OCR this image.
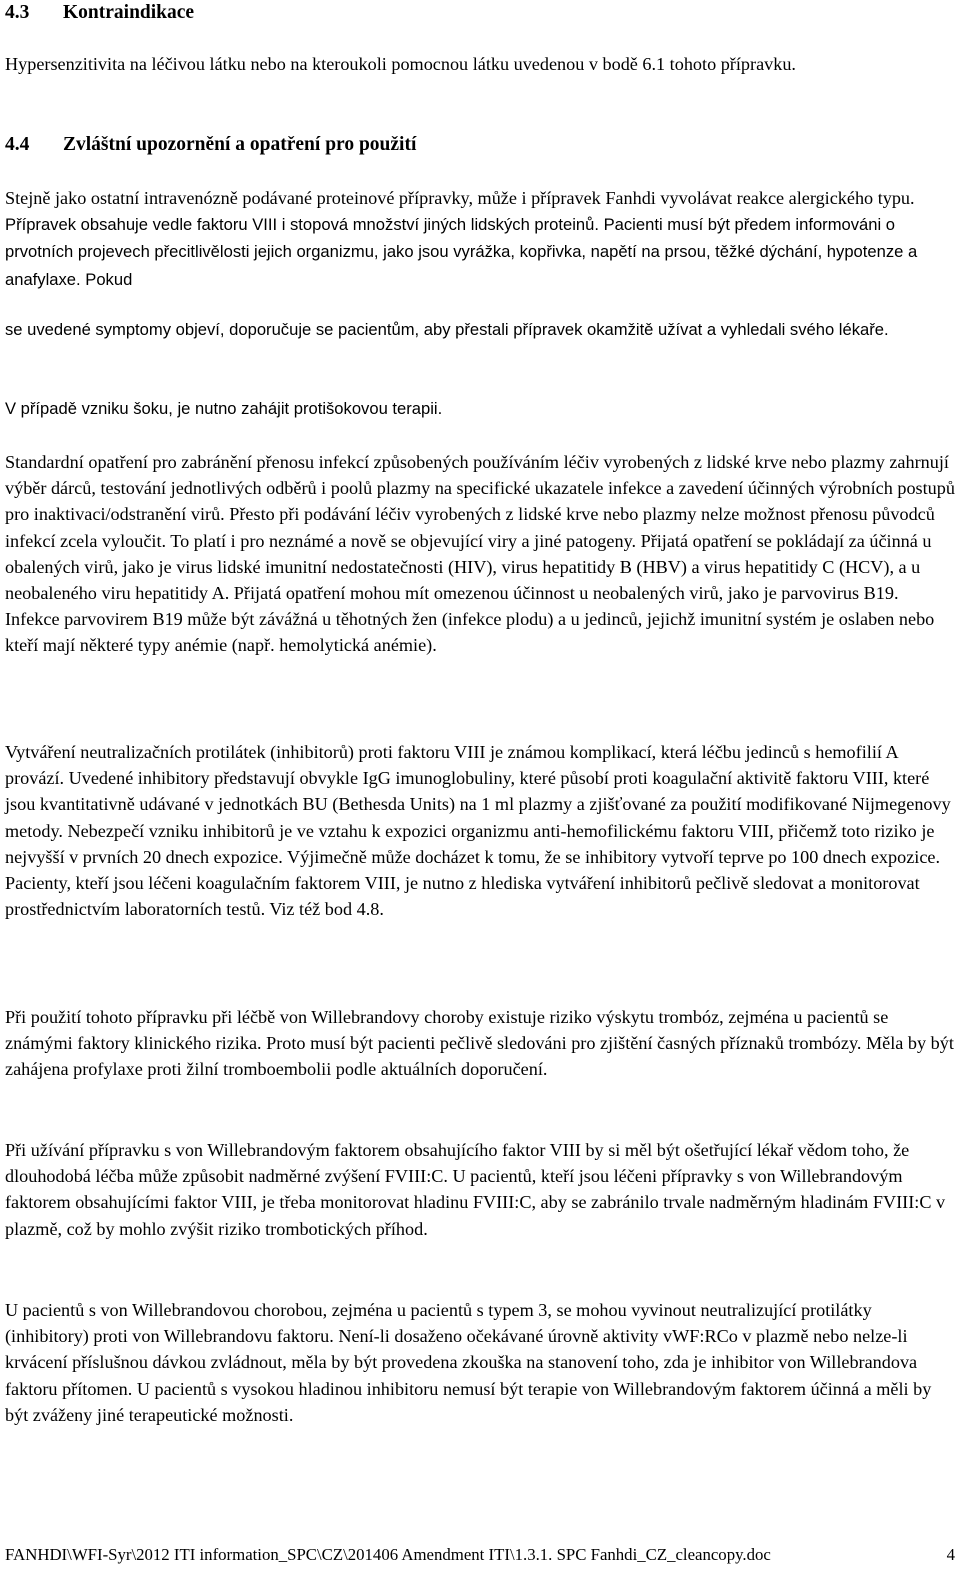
4.3 Kontraindikace

Hypersenzitivita na léčivou látku nebo na kteroukoli pomocnou látku uvedenou v bodě 6.1 tohoto přípravku.

4.4 Zvláštní upozornění a opatření pro použití

Stejně jako ostatní intravenózně podávané proteinové přípravky, může i přípravek Fanhdi vyvolávat reakce alergického typu. Přípravek obsahuje vedle faktoru VIII i stopová množství jiných lidských proteinů. Pacienti musí být předem informováni o prvotních projevech přecitlivělosti jejich organizmu, jako jsou vyrážka, kopřivka, napětí na prsou, těžké dýchání, hypotenze a anafylaxe. Pokud

se uvedené symptomy objeví, doporučuje se pacientům, aby přestali přípravek okamžitě užívat a vyhledali svého lékaře.

V případě vzniku šoku, je nutno zahájit protišokovou terapii.

Standardní opatření pro zabránění přenosu infekcí způsobených používáním léčiv vyrobených z lidské krve nebo plazmy zahrnují výběr dárců, testování jednotlivých odběrů i poolů plazmy na specifické ukazatele infekce a zavedení účinných výrobních postupů pro inaktivaci/odstranění virů. Přesto při podávání léčiv vyrobených z lidské krve nebo plazmy nelze možnost přenosu původců infekcí zcela vyloučit. To platí i pro neznámé a nově se objevující viry a jiné patogeny. Přijatá opatření se pokládají za účinná u obalených virů, jako je virus lidské imunitní nedostatečnosti (HIV), virus hepatitidy B (HBV) a virus hepatitidy C (HCV), a u neobaleného viru hepatitidy A. Přijatá opatření mohou mít omezenou účinnost u neobalených virů, jako je parvovirus B19. Infekce parvovirem B19 může být závážná u těhotných žen (infekce plodu) a u jedinců, jejichž imunitní systém je oslaben nebo kteří mají některé typy anémie (např. hemolytická anémie).

Vytváření neutralizačních protilátek (inhibitorů) proti faktoru VIII je známou komplikací, která léčbu jedinců s hemofilií A provází. Uvedené inhibitory představují obvykle IgG imunoglobuliny, které působí proti koagulační aktivitě faktoru VIII, které jsou kvantitativně udávané v jednotkách BU (Bethesda Units) na 1 ml plazmy a zjišťované za použití modifikované Nijmegenovy metody. Nebezpečí vzniku inhibitorů je ve vztahu k expozici organizmu anti-hemofilickému faktoru VIII, přičemž toto riziko je nejvyšší v prvních 20 dnech expozice. Výjimečně může docházet k tomu, že se inhibitory vytvoří teprve po 100 dnech expozice. Pacienty, kteří jsou léčeni koagulačním faktorem VIII, je nutno z hlediska vytváření inhibitorů pečlivě sledovat a monitorovat prostřednictvím laboratorních testů. Viz též bod 4.8.

Při použití tohoto přípravku při léčbě von Willebrandovy choroby existuje riziko výskytu trombóz, zejména u pacientů se známými faktory klinického rizika. Proto musí být pacienti pečlivě sledováni pro zjištění časných příznaků trombózy. Měla by být zahájena profylaxe proti žilní tromboembolii podle aktuálních doporučení.

Při užívání přípravku s von Willebrandovým faktorem obsahujícího faktor VIII by si měl být ošetřující lékař vědom toho, že dlouhodobá léčba může způsobit nadměrné zvýšení FVIII:C. U pacientů, kteří jsou léčeni přípravky s von Willebrandovým faktorem obsahujícími faktor VIII, je třeba monitorovat hladinu FVIII:C, aby se zabránilo trvale nadměrným hladinám FVIII:C v plazmě, což by mohlo zvýšit riziko trombotických příhod.

U pacientů s von Willebrandovou chorobou, zejména u pacientů s typem 3, se mohou vyvinout neutralizující protilátky (inhibitory) proti von Willebrandovu faktoru. Není-li dosaženo očekávané úrovně aktivity vWF:RCo v plazmě nebo nelze-li krvácení příslušnou dávkou zvládnout, měla by být provedena zkouška na stanovení toho, zda je inhibitor von Willebrandova faktoru přítomen. U pacientů s vysokou hladinou inhibitoru nemusí být terapie von Willebrandovým faktorem účinná a měli by být zváženy jiné terapeutické možnosti.

FANHDI\WFI-Syr\2012 ITI information_SPC\CZ\201406 Amendment ITI\1.3.1. SPC Fanhdi_CZ_cleancopy.doc	4
